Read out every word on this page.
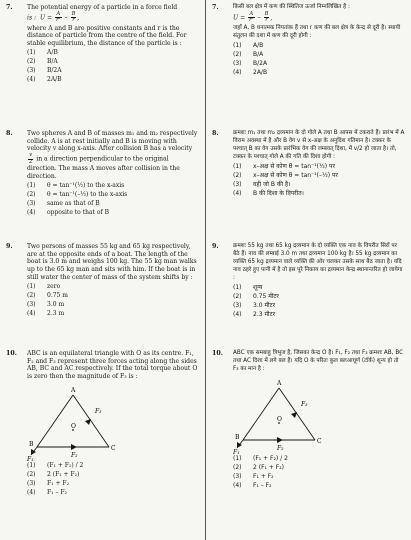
7. The potential energy of a particle in a force field

is : $U = \frac{A}{\text{r²}} - \frac{B}{r}$ ,

where A and B are positive constants and r is the distance of particle from the centre of the field. For stable equilibrium, the distance of the particle is :

(1)	A/B
(2)	B/A
(3)	B/2A
(4)	2A/B
8. Two spheres A and B of masses m₁ and m₂ respectively collide. A is at rest initially and B is moving with velocity v along x-axis. After collision B has a velocity
$\frac{v}{2}$ in a direction perpendicular to the original direction. The mass A moves after collision in the direction.

(1)	θ = tan⁻¹(½) to the x-axis
(2)	θ = tan⁻¹(–½) to the x-axis
(3)	same as that of B
(4)	opposite to that of B
9. Two persons of masses 55 kg and 65 kg respectively, are at the opposite ends of a boat. The length of the boat is 3.0 m and weighs 100 kg. The 55 kg man walks up to the 65 kg man and sits with him. If the boat is in still water the center of mass of the system shifts by :

(1)	zero
(2)	0.75 m
(3)	3.0 m
(4)	2.3 m
10. ABC is an equilateral triangle with O as its centre. F₁, F₂ and F₃ represent three forces acting along the sides AB, BC and AC respectively. If the total torque about O is zero then the magnitude of F₃ is :

A
B
C
O
F₃
F₂
F₁
(1)	(F₁ + F₂) / 2
(2)	2 (F₁ + F₂)
(3)	F₁ + F₂
(4)	F₁ – F₂
7.	किसी बल क्षेत्र में कण की स्थितिज ऊर्जा निम्नलिखित है :

$U = \frac{A}{\text{r²}} - \frac{B}{r}$ ,

जहाँ A, B धनात्मक नियतांक हैं तथा r कण की बल क्षेत्र के केन्द्र से दूरी है। स्थायी संतुलन की दशा में कण की दूरी होगी :

(1)	A/B
(2)	B/A
(3)	B/2A
(4)	2A/B
8.	क्रमशः m₁ तथा m₂ द्रव्यमान के दो गोले A तथा B आपस में टकराते हैं। प्रारंभ में A विराम अवस्था में है और B वेग v से x-अक्ष के अनुदिश गतिमान है। टक्कर के पश्चात् B का वेग उसके प्रारंभिक वेग की लम्बवत् दिशा, में v/2 हो जाता है। तो, टक्कर के पश्चात् गोले A की गति की दिशा होगी :

(1)	x–अक्ष से कोण θ = tan⁻¹(½) पर
(2)	x–अक्ष से कोण θ = tan⁻¹(–½) पर
(3)	वही जो B की है।
(4)	B की दिशा के विपरीत।
9.	क्रमशः 55 kg तथा 65 kg द्रव्यमान के दो व्यक्ति एक नाव के विपरीत सिरों पर बैठे हैं। नाव की लम्बाई 3.0 m तथा द्रव्यमान 100 kg है। 55 kg द्रव्यमान का व्यक्ति 65 kg द्रव्यमान वाले व्यक्ति की ओर चलकर उसके साथ बैठ जाता है। यदि नाव ठहरे हुए पानी में है तो इस पूरे निकाय का द्रव्यमान केन्द्र स्थानान्तरित हो जायेगा :

(1)	शून्य
(2)	0.75 मीटर
(3)	3.0 मीटर
(4)	2.3 मीटर
10. ABC एक समबाहु त्रिभुज है, जिसका केन्द्र O है। F₁, F₂ तथा F₃ क्रमशः AB, BC तथा AC दिशा में लगे बल हैं। यदि O के परितः कुल बलआघूर्ण (टॉर्क) शून्य हो तो F₃ का मान है :

A
B
C
O
F₃
F₂
F₁
(1)	(F₁ + F₂) / 2
(2)	2 (F₁ + F₂)
(3)	F₁ + F₂
(4)	F₁ – F₂
